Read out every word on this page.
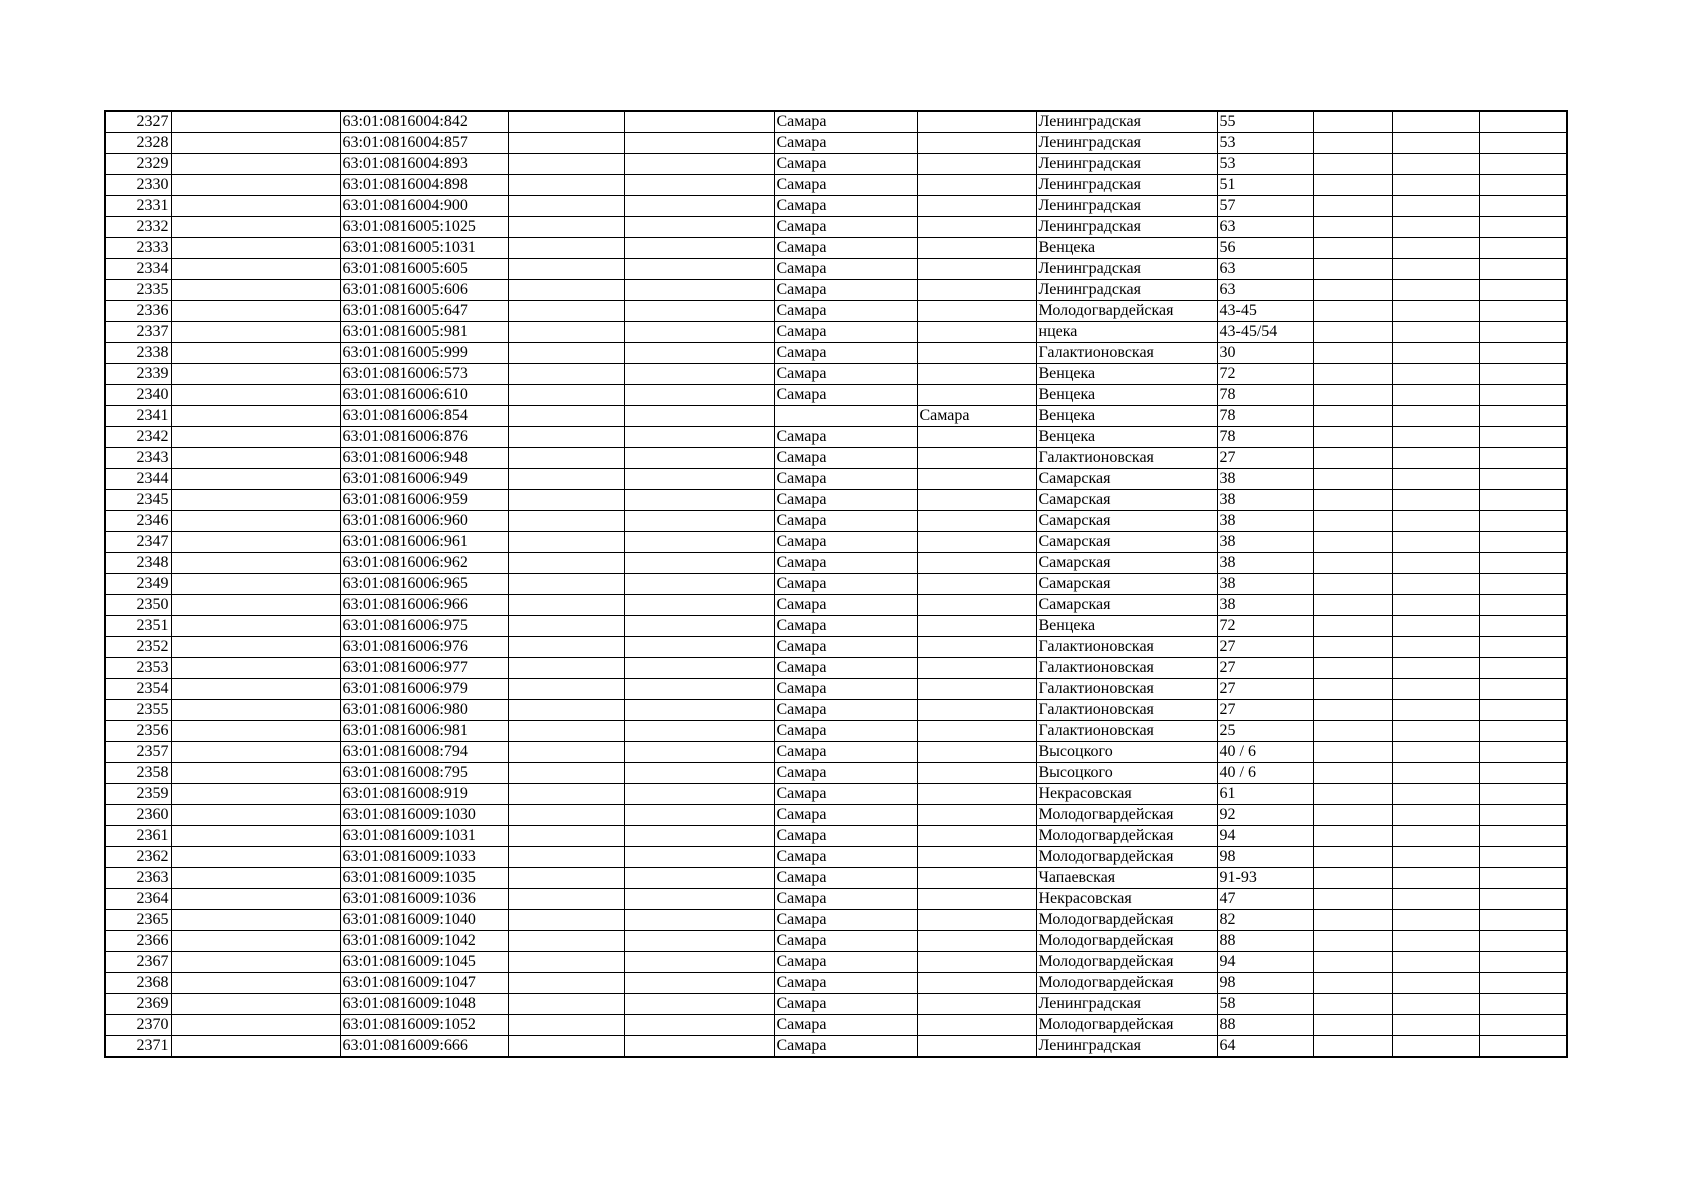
2327		63:01:0816004:842			Самара		Ленинградская	55			
2328		63:01:0816004:857			Самара		Ленинградская	53			
2329		63:01:0816004:893			Самара		Ленинградская	53			
2330		63:01:0816004:898			Самара		Ленинградская	51			
2331		63:01:0816004:900			Самара		Ленинградская	57			
2332		63:01:0816005:1025			Самара		Ленинградская	63			
2333		63:01:0816005:1031			Самара		Венцека	56			
2334		63:01:0816005:605			Самара		Ленинградская	63			
2335		63:01:0816005:606			Самара		Ленинградская	63			
2336		63:01:0816005:647			Самара		Молодогвардейская	43-45			
2337		63:01:0816005:981			Самара		нцека	43-45/54			
2338		63:01:0816005:999			Самара		Галактионовская	30			
2339		63:01:0816006:573			Самара		Венцека	72			
2340		63:01:0816006:610			Самара		Венцека	78			
2341		63:01:0816006:854				Самара	Венцека	78			
2342		63:01:0816006:876			Самара		Венцека	78			
2343		63:01:0816006:948			Самара		Галактионовская	27			
2344		63:01:0816006:949			Самара		Самарская	38			
2345		63:01:0816006:959			Самара		Самарская	38			
2346		63:01:0816006:960			Самара		Самарская	38			
2347		63:01:0816006:961			Самара		Самарская	38			
2348		63:01:0816006:962			Самара		Самарская	38			
2349		63:01:0816006:965			Самара		Самарская	38			
2350		63:01:0816006:966			Самара		Самарская	38			
2351		63:01:0816006:975			Самара		Венцека	72			
2352		63:01:0816006:976			Самара		Галактионовская	27			
2353		63:01:0816006:977			Самара		Галактионовская	27			
2354		63:01:0816006:979			Самара		Галактионовская	27			
2355		63:01:0816006:980			Самара		Галактионовская	27			
2356		63:01:0816006:981			Самара		Галактионовская	25			
2357		63:01:0816008:794			Самара		Высоцкого	40 / 6			
2358		63:01:0816008:795			Самара		Высоцкого	40 / 6			
2359		63:01:0816008:919			Самара		Некрасовская	61			
2360		63:01:0816009:1030			Самара		Молодогвардейская	92			
2361		63:01:0816009:1031			Самара		Молодогвардейская	94			
2362		63:01:0816009:1033			Самара		Молодогвардейская	98			
2363		63:01:0816009:1035			Самара		Чапаевская	91-93			
2364		63:01:0816009:1036			Самара		Некрасовская	47			
2365		63:01:0816009:1040			Самара		Молодогвардейская	82			
2366		63:01:0816009:1042			Самара		Молодогвардейская	88			
2367		63:01:0816009:1045			Самара		Молодогвардейская	94			
2368		63:01:0816009:1047			Самара		Молодогвардейская	98			
2369		63:01:0816009:1048			Самара		Ленинградская	58			
2370		63:01:0816009:1052			Самара		Молодогвардейская	88			
2371		63:01:0816009:666			Самара		Ленинградская	64			
